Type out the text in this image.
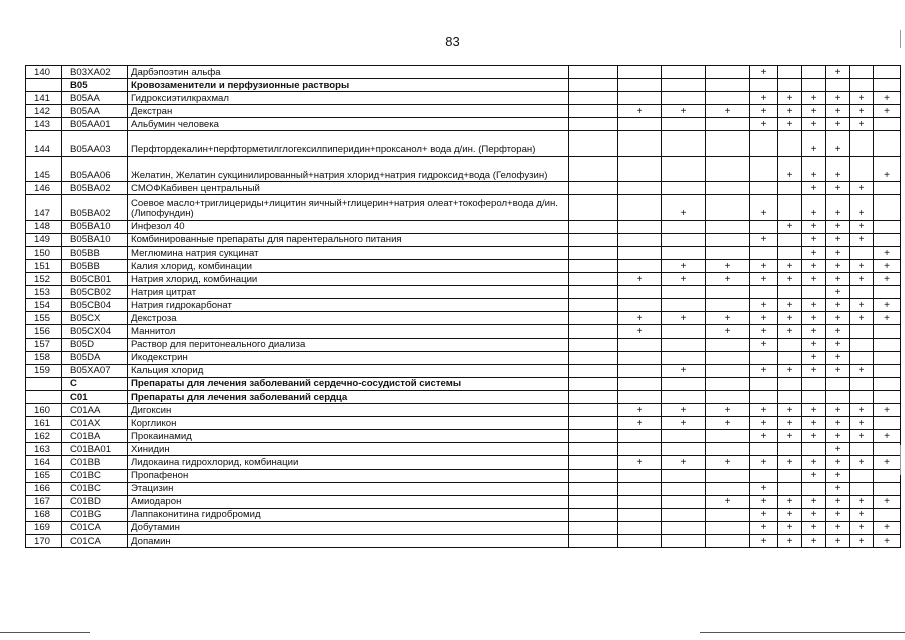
83
140	B03XA02	Дарбэпоэтин альфа					+			+		
	B05	Кровозаменители и перфузионные растворы										
141	B05AA	Гидроксиэтилкрахмал					+	+	+	+	+	+
142	B05AA	Декстран		+	+	+	+	+	+	+	+	+
143	B05AA01	Альбумин человека					+	+	+	+	+	
144	B05AA03	Перфтордекалин+перфторметилглогексилпиперидин+проксанол+ вода д/ин. (Перфторан)							+	+		
145	B05AA06	Желатин, Желатин сукцинилированный+натрия хлорид+натрия гидроксид+вода (Гелофузин)						+	+	+		+
146	B05BA02	СМОФКабивен центральный							+	+	+	
147	B05BA02	Соевое масло+триглицериды+лицитин яичный+глицерин+натрия олеат+токоферол+вода д/ин.(Липофундин)			+		+		+	+	+	
148	B05BA10	Инфезол 40						+	+	+	+	
149	B05BA10	Комбинированные препараты для парентерального питания					+		+	+	+	
150	B05BB	Меглюмина натрия сукцинат							+	+		+
151	B05BB	Калия хлорид, комбинации			+	+	+	+	+	+	+	+
152	B05CB01	Натрия хлорид, комбинации		+	+	+	+	+	+	+	+	+
153	B05CB02	Натрия цитрат								+		
154	B05CB04	Натрия гидрокарбонат					+	+	+	+	+	+
155	B05CX	Декстроза		+	+	+	+	+	+	+	+	+
156	B05CX04	Маннитол		+		+	+	+	+	+		
157	B05D	Раствор для перитонеального диализа					+		+	+		
158	B05DA	Икодекстрин							+	+		
159	B05XA07	Кальция хлорид			+		+	+	+	+	+	
	C	Препараты для лечения заболеваний сердечно-сосудистой системы										
	C01	Препараты для лечения заболеваний сердца										
160	C01AA	Дигоксин		+	+	+	+	+	+	+	+	+
161	C01AX	Коргликон		+	+	+	+	+	+	+	+	
162	C01BA	Прокаинамид					+	+	+	+	+	+
163	C01BA01	Хинидин								+		
164	C01BB	Лидокаина гидрохлорид, комбинации		+	+	+	+	+	+	+	+	+
165	C01BC	Пропафенон							+	+		
166	C01BC	Этацизин					+			+		
167	C01BD	Амиодарон				+	+	+	+	+	+	+
168	C01BG	Лаппаконитина гидробромид					+	+	+	+	+	
169	C01CA	Добутамин					+	+	+	+	+	+
170	C01CA	Допамин					+	+	+	+	+	+
